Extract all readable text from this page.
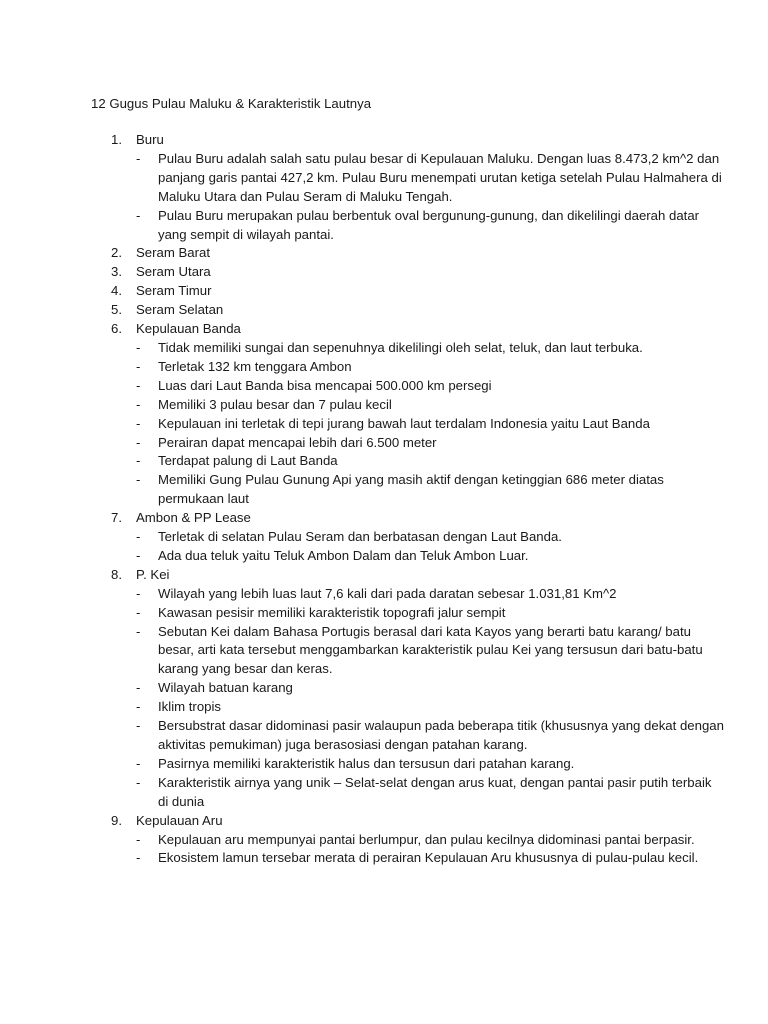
12 Gugus Pulau Maluku & Karakteristik Lautnya
1. Buru
- Pulau Buru adalah salah satu pulau besar di Kepulauan Maluku. Dengan luas 8.473,2 km^2 dan panjang garis pantai 427,2 km. Pulau Buru menempati urutan ketiga setelah Pulau Halmahera di Maluku Utara dan Pulau Seram di Maluku Tengah.
- Pulau Buru merupakan pulau berbentuk oval bergunung-gunung, dan dikelilingi daerah datar yang sempit di wilayah pantai.
2. Seram Barat
3. Seram Utara
4. Seram Timur
5. Seram Selatan
6. Kepulauan Banda
- Tidak memiliki sungai dan sepenuhnya dikelilingi oleh selat, teluk, dan laut terbuka.
- Terletak 132 km tenggara Ambon
- Luas dari Laut Banda bisa mencapai 500.000 km persegi
- Memiliki 3 pulau besar dan 7 pulau kecil
- Kepulauan ini terletak di tepi jurang bawah laut terdalam Indonesia yaitu Laut Banda
- Perairan dapat mencapai lebih dari 6.500 meter
- Terdapat palung di Laut Banda
- Memiliki Gung Pulau Gunung Api yang masih aktif dengan ketinggian 686 meter diatas permukaan laut
7. Ambon & PP Lease
- Terletak di selatan Pulau Seram dan berbatasan dengan Laut Banda.
- Ada dua teluk yaitu Teluk Ambon Dalam dan Teluk Ambon Luar.
8. P. Kei
- Wilayah yang lebih luas laut 7,6 kali dari pada daratan sebesar 1.031,81 Km^2
- Kawasan pesisir memiliki karakteristik topografi jalur sempit
- Sebutan Kei dalam Bahasa Portugis berasal dari kata Kayos yang berarti batu karang/ batu besar, arti kata tersebut menggambarkan karakteristik pulau Kei yang tersusun dari batu-batu karang yang besar dan keras.
- Wilayah batuan karang
- Iklim tropis
- Bersubstrat dasar didominasi pasir walaupun pada beberapa titik (khususnya yang dekat dengan aktivitas pemukiman) juga berasosiasi dengan patahan karang.
- Pasirnya memiliki karakteristik halus dan tersusun dari patahan karang.
- Karakteristik airnya yang unik – Selat-selat dengan arus kuat, dengan pantai pasir putih terbaik di dunia
9. Kepulauan Aru
- Kepulauan aru mempunyai pantai berlumpur, dan pulau kecilnya didominasi pantai berpasir.
- Ekosistem lamun tersebar merata di perairan Kepulauan Aru khususnya di pulau-pulau kecil.
